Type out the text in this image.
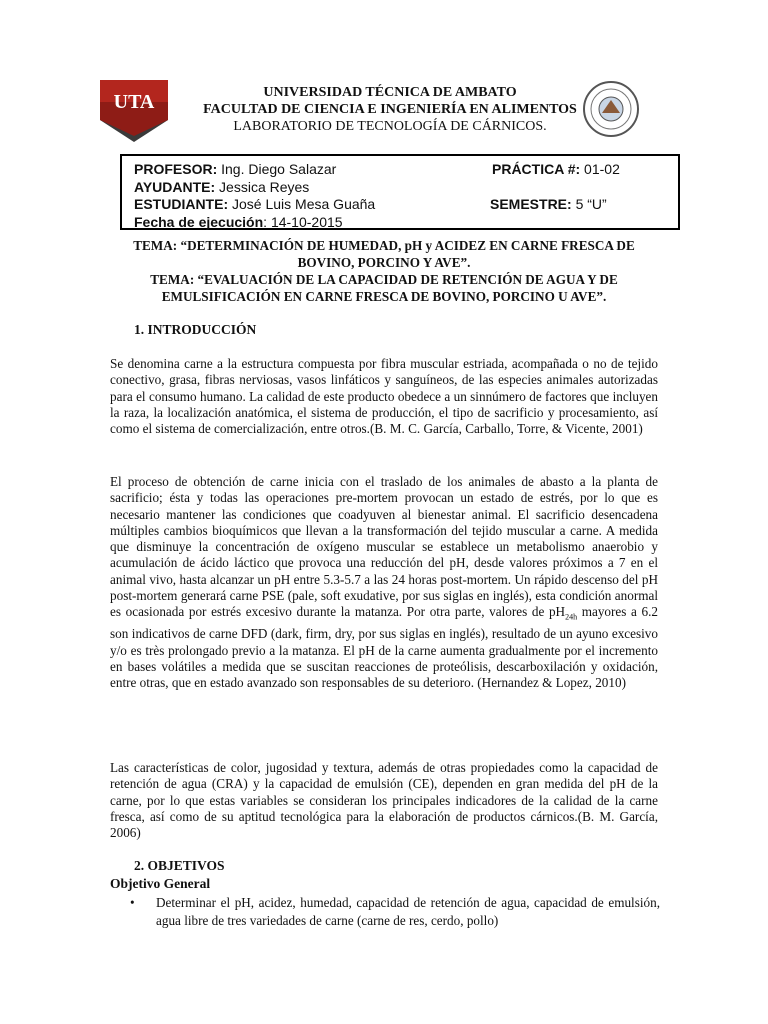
UTA	UNIVERSIDAD TÉCNICA DE AMBATO
FACULTAD DE CIENCIA E INGENIERÍA EN ALIMENTOS
LABORATORIO DE TECNOLOGÍA DE CÁRNICOS.
PROFESOR: Ing. Diego Salazar	PRÁCTICA #: 01-02
AYUDANTE: Jessica Reyes
ESTUDIANTE: José Luis Mesa Guaña	SEMESTRE: 5 “U”
Fecha de ejecución: 14-10-2015
TEMA: “DETERMINACIÓN DE HUMEDAD, pH y ACIDEZ EN CARNE FRESCA DE BOVINO, PORCINO Y AVE”.
TEMA: “EVALUACIÓN DE LA CAPACIDAD DE RETENCIÓN DE AGUA Y DE EMULSIFICACIÓN EN CARNE FRESCA DE BOVINO, PORCINO U AVE”.
1. INTRODUCCIÓN
Se denomina carne a la estructura compuesta por fibra muscular estriada, acompañada o no de tejido conectivo, grasa, fibras nerviosas, vasos linfáticos y sanguíneos, de las especies animales autorizadas para el consumo humano. La calidad de este producto obedece a un sinnúmero de factores que incluyen la raza, la localización anatómica, el sistema de producción, el tipo de sacrificio y procesamiento, así como el sistema de comercialización, entre otros.(B. M. C. García, Carballo, Torre, & Vicente, 2001)
El proceso de obtención de carne inicia con el traslado de los animales de abasto a la planta de sacrificio; ésta y todas las operaciones pre-mortem provocan un estado de estrés, por lo que es necesario mantener las condiciones que coadyuven al bienestar animal. El sacrificio desencadena múltiples cambios bioquímicos que llevan a la transformación del tejido muscular a carne. A medida que disminuye la concentración de oxígeno muscular se establece un metabolismo anaerobio y acumulación de ácido láctico que provoca una reducción del pH, desde valores próximos a 7 en el animal vivo, hasta alcanzar un pH entre 5.3-5.7 a las 24 horas post-mortem. Un rápido descenso del pH post-mortem generará carne PSE (pale, soft exudative, por sus siglas en inglés), esta condición anormal es ocasionada por estrés excesivo durante la matanza. Por otra parte, valores de $pH_{24h}$ mayores a 6.2 son indicativos de carne DFD (dark, firm, dry, por sus siglas en inglés), resultado de un ayuno excesivo y/o es très prolongado previo a la matanza. El pH de la carne aumenta gradualmente por el incremento en bases volátiles a medida que se suscitan reacciones de proteólisis, descarboxilación y oxidación, entre otras, que en estado avanzado son responsables de su deterioro. (Hernandez & Lopez, 2010)
Las características de color, jugosidad y textura, además de otras propiedades como la capacidad de retención de agua (CRA) y la capacidad de emulsión (CE), dependen en gran medida del pH de la carne, por lo que estas variables se consideran los principales indicadores de la calidad de la carne fresca, así como de su aptitud tecnológica para la elaboración de productos cárnicos.(B. M. García, 2006)
2. OBJETIVOS
Objetivo General
• Determinar el pH, acidez, humedad, capacidad de retención de agua, capacidad de emulsión, agua libre de tres variedades de carne (carne de res, cerdo, pollo)
